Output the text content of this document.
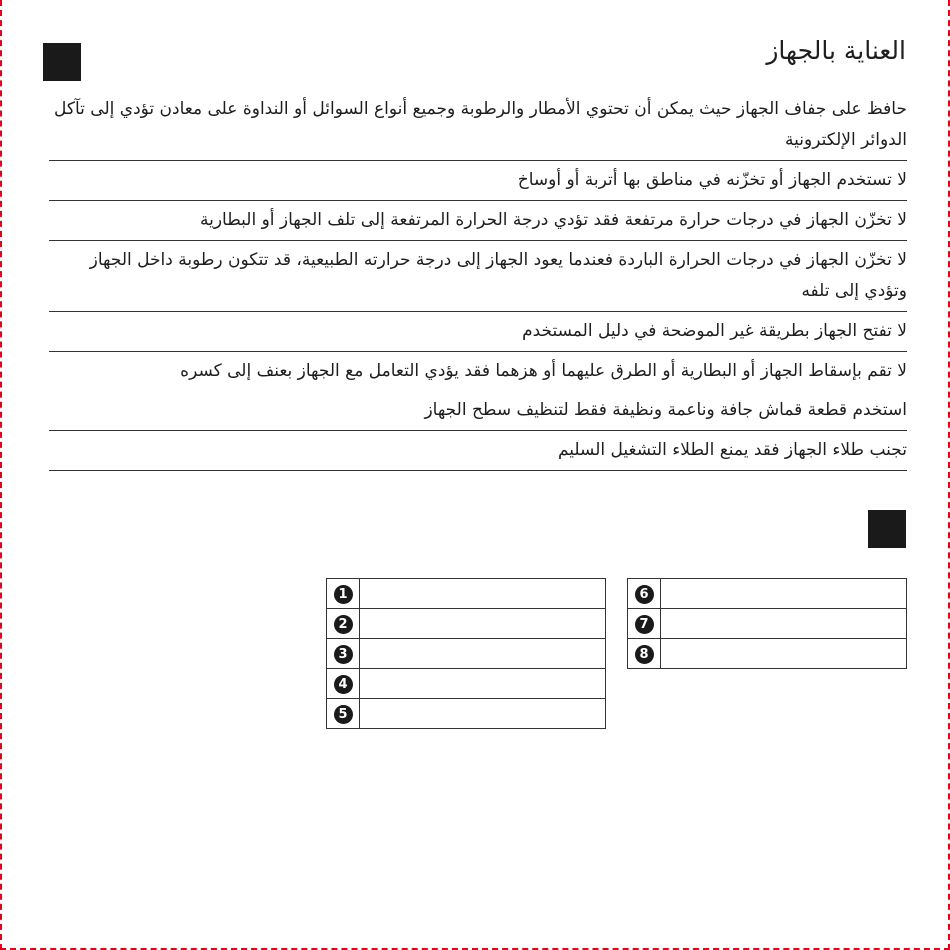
العناية بالجهاز
حافظ على جفاف الجهاز حيث يمكن أن تحتوي الأمطار والرطوبة وجميع أنواع السوائل أو النداوة على معادن تؤدي إلى تآكل الدوائر الإلكترونية
لا تستخدم الجهاز أو تخزّنه في مناطق بها أتربة أو أوساخ
لا تخزّن الجهاز في درجات حرارة مرتفعة فقد تؤدي درجة الحرارة المرتفعة إلى تلف الجهاز أو البطارية
لا تخزّن الجهاز في درجات الحرارة الباردة فعندما يعود الجهاز إلى درجة حرارته الطبيعية، قد تتكون رطوبة داخل الجهاز وتؤدي إلى تلفه
لا تفتح الجهاز بطريقة غير الموضحة في دليل المستخدم
لا تقم بإسقاط الجهاز أو البطارية أو الطرق عليهما أو هزهما فقد يؤدي التعامل مع الجهاز بعنف إلى كسره
استخدم قطعة قماش جافة وناعمة ونظيفة فقط لتنظيف سطح الجهاز
تجنب طلاء الجهاز فقد يمنع الطلاء التشغيل السليم
1	
2	
3	
4	
5	
6	
7	
8	
